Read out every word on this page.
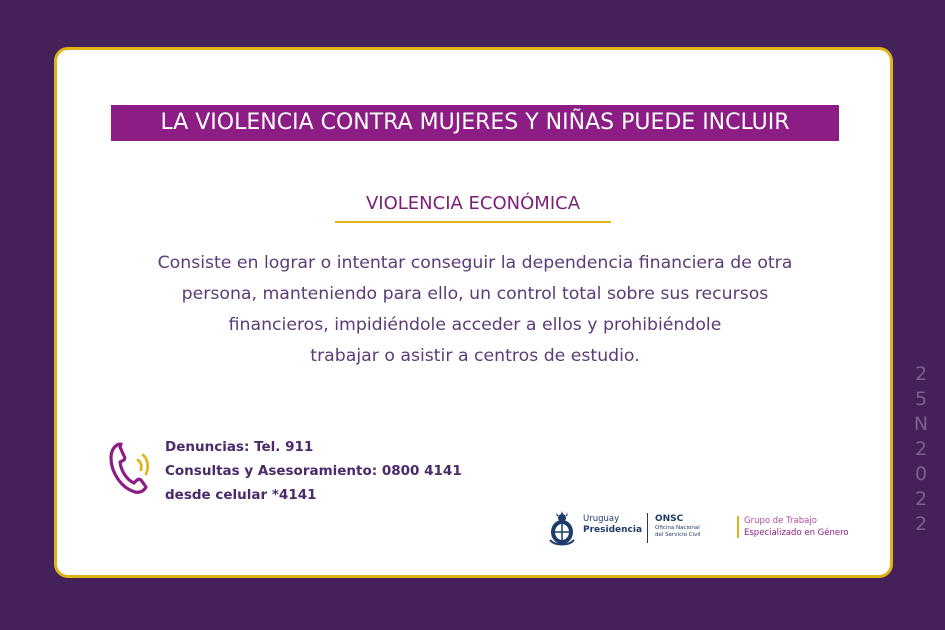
LA VIOLENCIA CONTRA MUJERES Y NIÑAS PUEDE INCLUIR
VIOLENCIA ECONÓMICA
Consiste en lograr o intentar conseguir la dependencia financiera de otra
persona, manteniendo para ello, un control total sobre sus recursos
financieros, impidiéndole acceder a ellos y prohibiéndole
trabajar o asistir a centros de estudio.
Denuncias: Tel. 911
Consultas y Asesoramiento: 0800 4141
desde celular *4141
Uruguay
Presidencia
ONSC
Oficina Nacional
del Servicio Civil
Grupo de Trabajo
Especializado en Género
2
5
N
2
0
2
2
